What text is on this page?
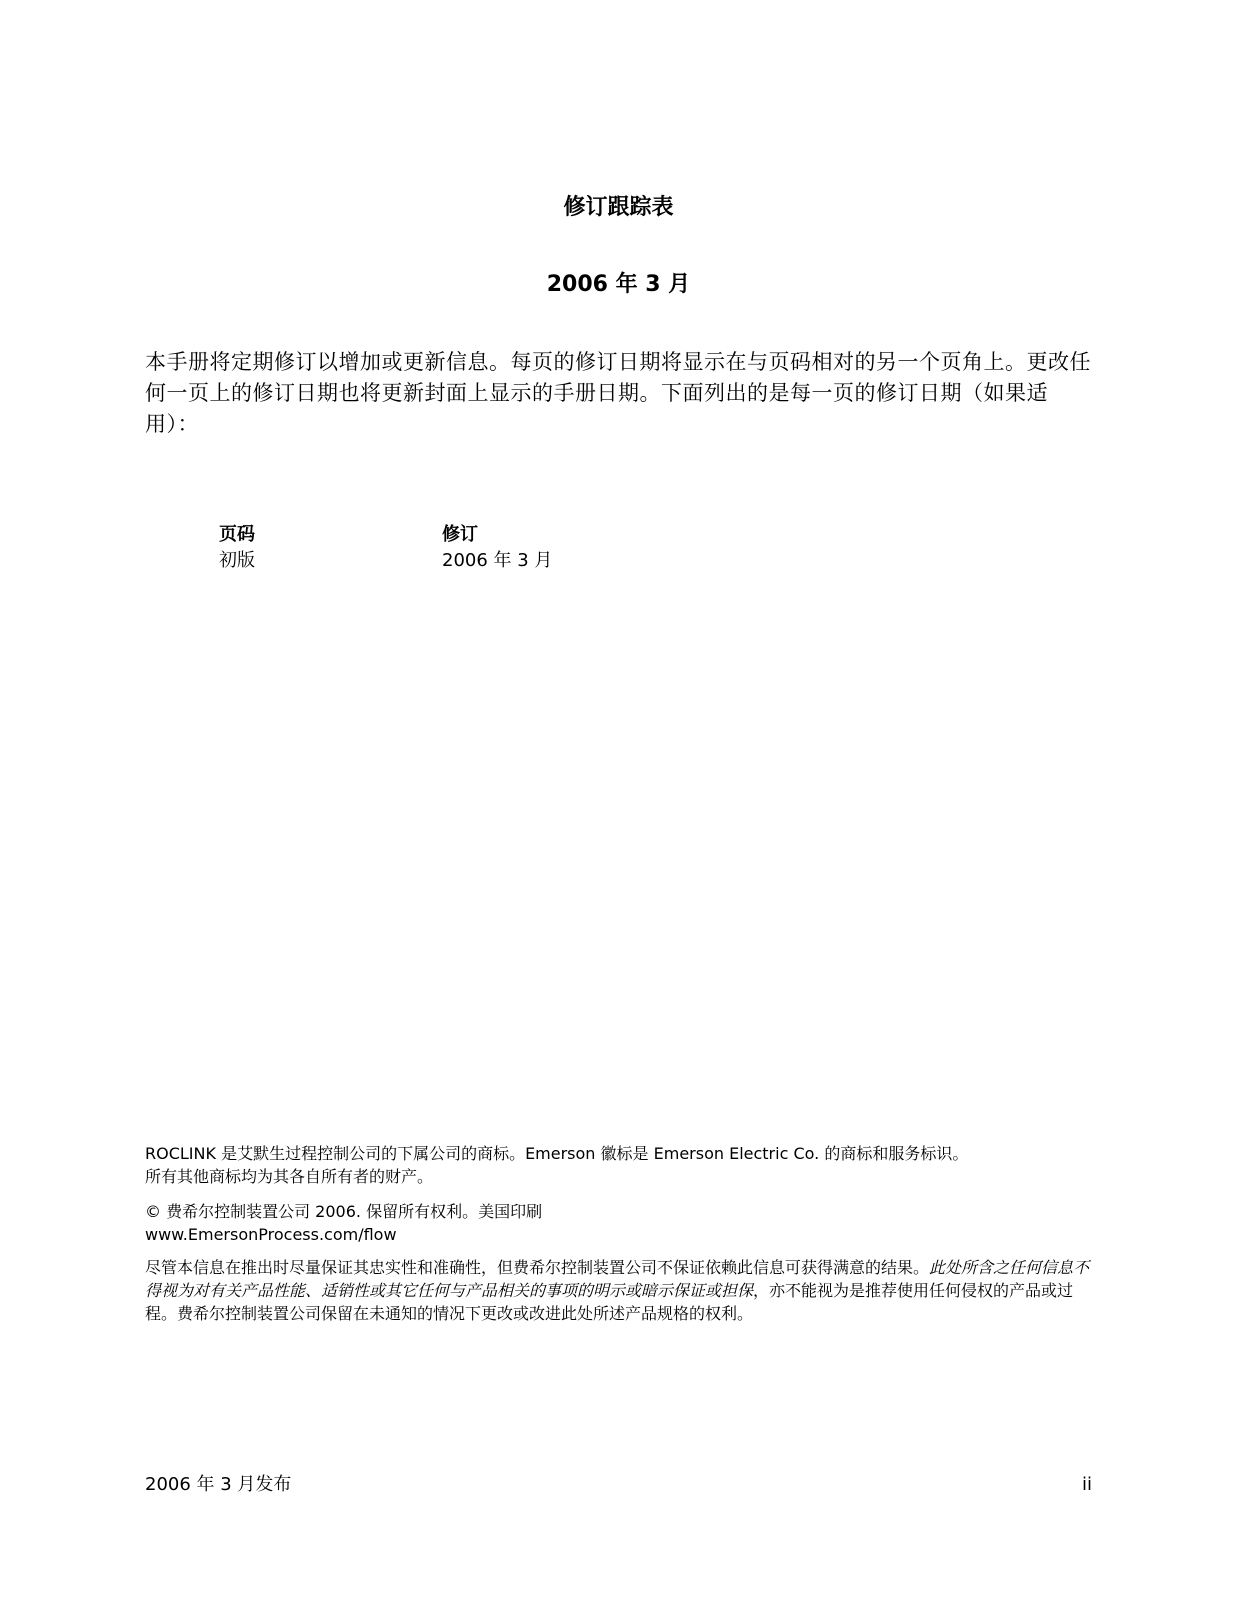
修订跟踪表
2006 年 3 月

本手册将定期修订以增加或更新信息。每页的修订日期将显示在与页码相对的另一个页角上。更改任何一页上的修订日期也将更新封面上显示的手册日期。下面列出的是每一页的修订日期（如果适用）：

页码	修订
初版	2006 年 3 月
ROCLINK 是艾默生过程控制公司的下属公司的商标。Emerson 徽标是 Emerson Electric Co. 的商标和服务标识。
所有其他商标均为其各自所有者的财产。
© 费希尔控制装置公司 2006. 保留所有权利。美国印刷
www.EmersonProcess.com/flow

尽管本信息在推出时尽量保证其忠实性和准确性，但费希尔控制装置公司不保证依赖此信息可获得满意的结果。此处所含之任何信息不得视为对有关产品性能、适销性或其它任何与产品相关的事项的明示或暗示保证或担保，亦不能视为是推荐使用任何侵权的产品或过程。费希尔控制装置公司保留在未通知的情况下更改或改进此处所述产品规格的权利。

2006 年 3 月发布	ii
